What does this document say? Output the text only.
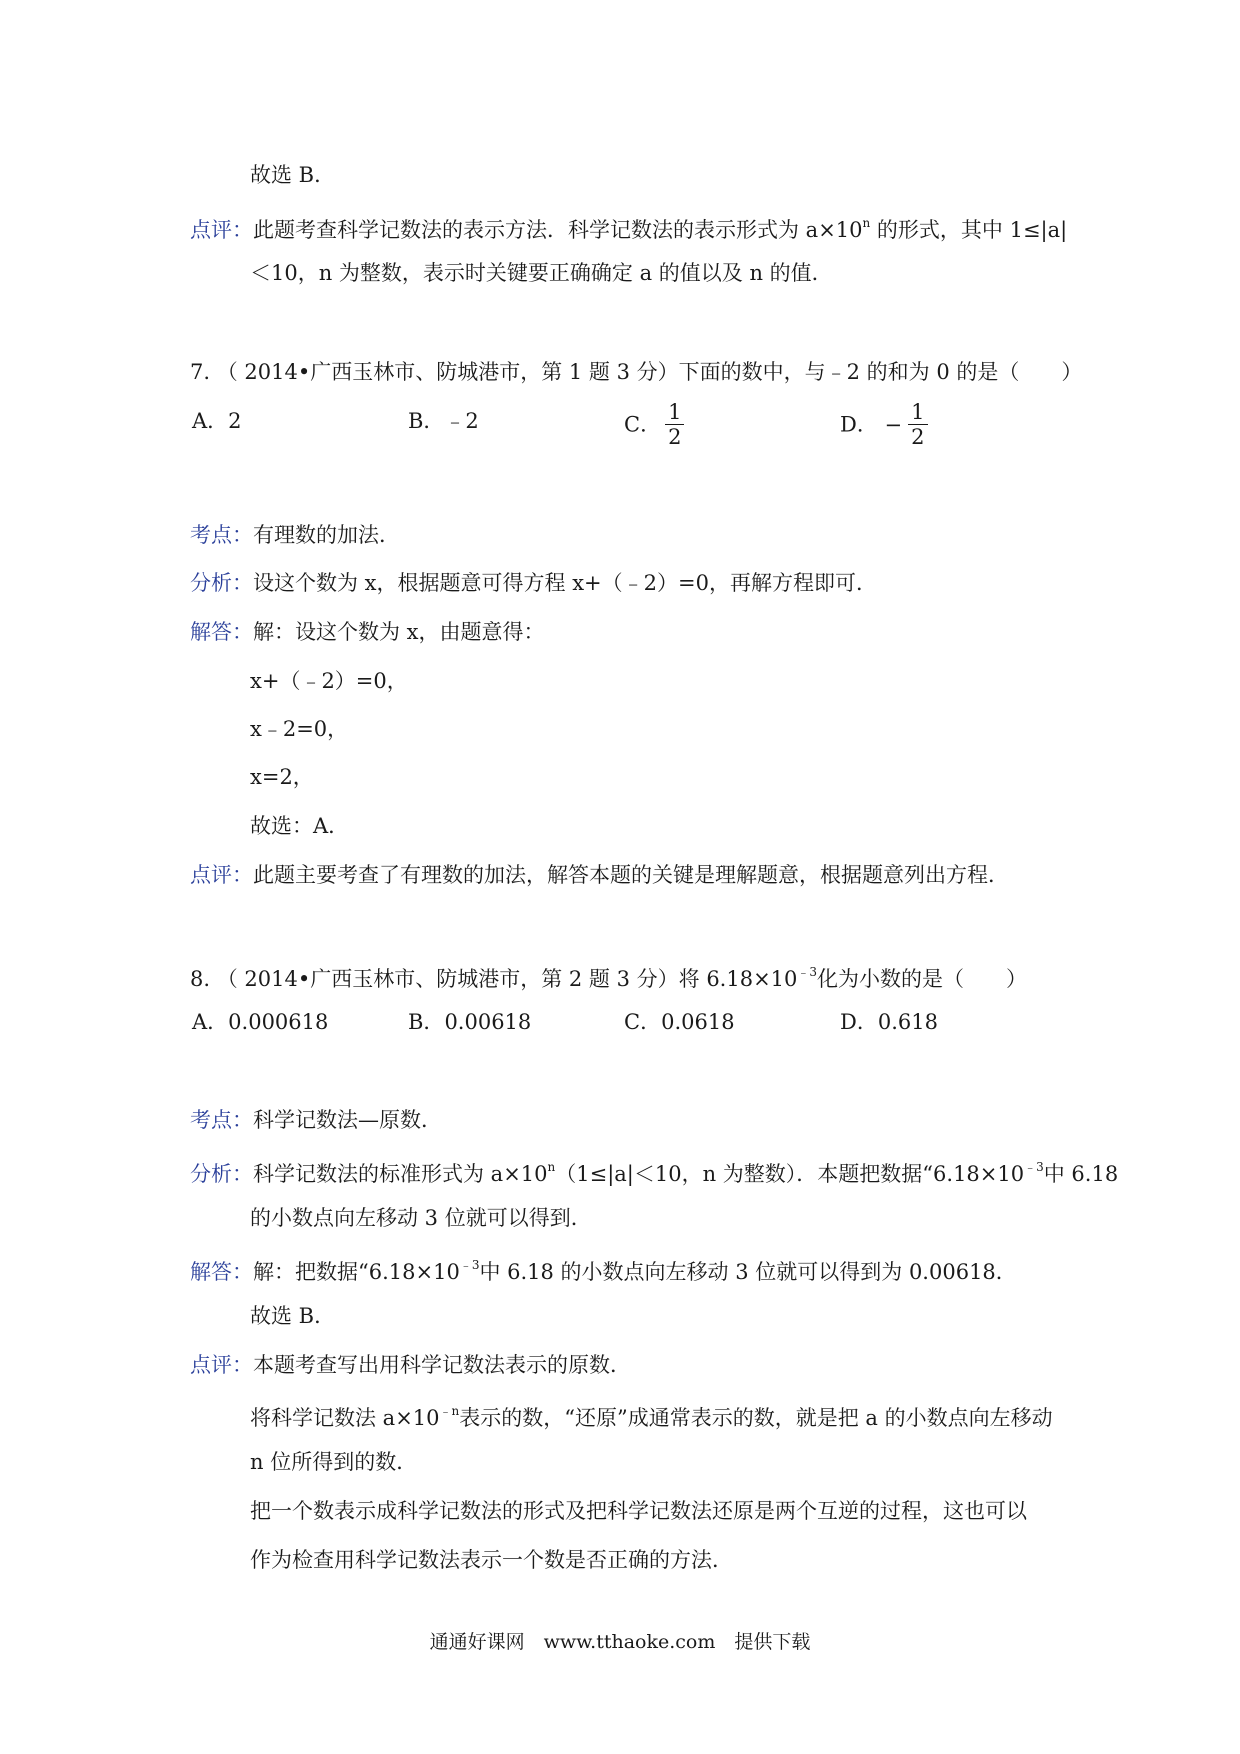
故选 B．
点评：此题考查科学记数法的表示方法．科学记数法的表示形式为 $a\times 10^n$ 的形式，其中 1≤|a|
＜10，n 为整数，表示时关键要正确确定 a 的值以及 n 的值．
7. （ 2014•广西玉林市、防城港市，第 1 题 3 分）下面的数中，与﹣2 的和为 0 的是（　　）
A．2	B．﹣2	C． $\frac{1}{2}$	D． − $\frac{1}{2}$
考点：有理数的加法．
分析：设这个数为 x，根据题意可得方程 x+（﹣2）=0，再解方程即可．
解答：解：设这个数为 x，由题意得：
x+（﹣2）=0，
x﹣2=0，
x=2，
故选：A．
点评：此题主要考查了有理数的加法，解答本题的关键是理解题意，根据题意列出方程．
8. （ 2014•广西玉林市、防城港市，第 2 题 3 分）将 $6.18\times 10^{﹣3}$化为小数的是（　　）
A．0.000618	B．0.00618	C．0.0618	D．0.618
考点：科学记数法—原数．
分析：科学记数法的标准形式为 $a\times 10^n(1\le|a|<10$，n 为整数）．本题把数据“$6.18\times 10^{﹣3}$中 6.18
的小数点向左移动 3 位就可以得到．
解答：解：把数据“$6.18\times 10^{﹣3}$中 6.18 的小数点向左移动 3 位就可以得到为 0.00618．
故选 B．
点评：本题考查写出用科学记数法表示的原数．
将科学记数法 $a\times 10^{﹣n}$表示的数，“还原”成通常表示的数，就是把 a 的小数点向左移动
n 位所得到的数．
把一个数表示成科学记数法的形式及把科学记数法还原是两个互逆的过程，这也可以
作为检查用科学记数法表示一个数是否正确的方法．
通通好课网　www.tthaoke.com　提供下载
